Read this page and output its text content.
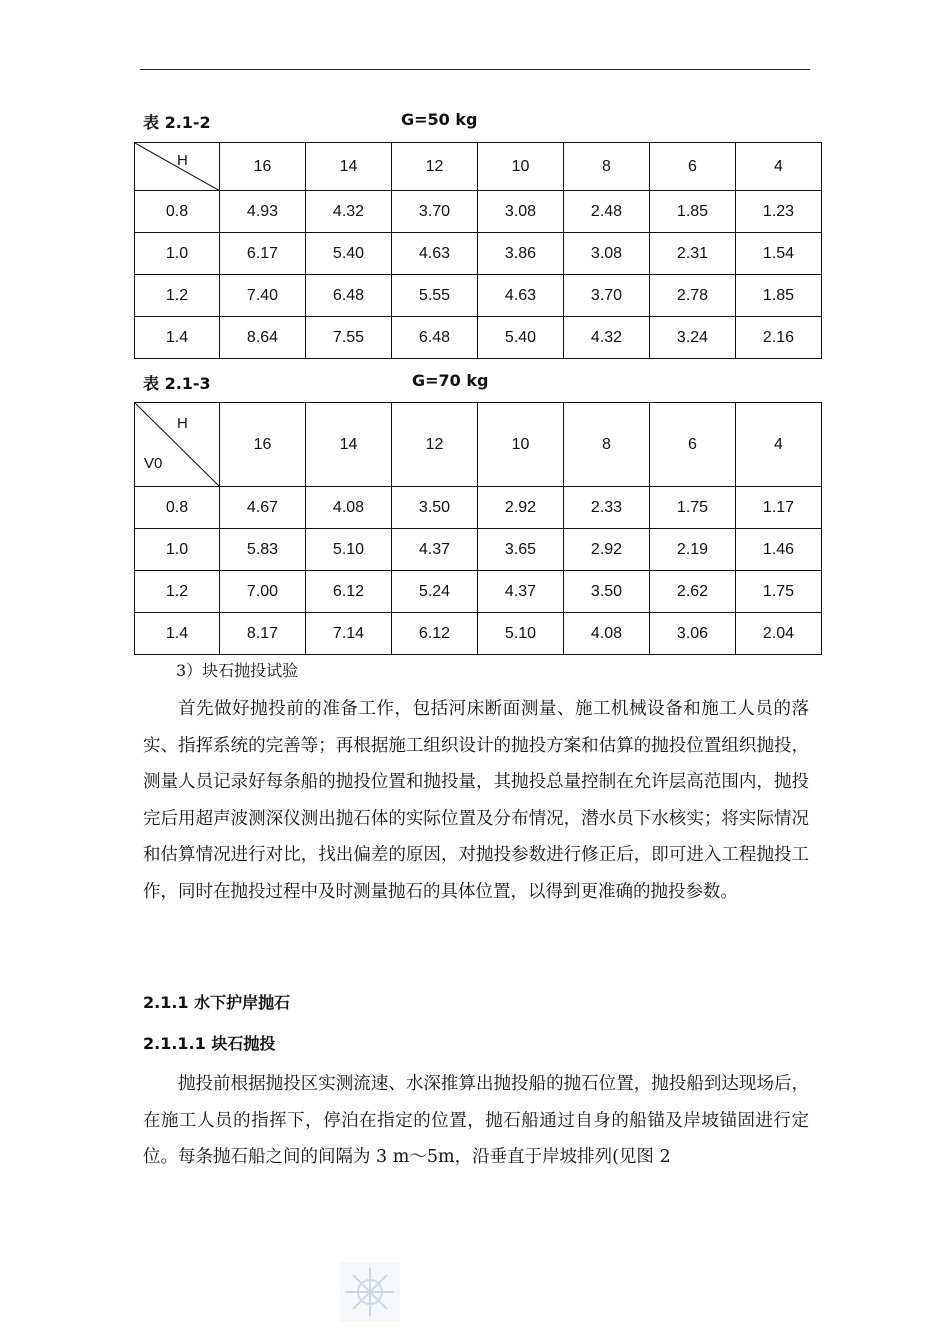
表 2.1-2	G=50 kg
H	16	14	12	10	8	6	4
0.8	4.93	4.32	3.70	3.08	2.48	1.85	1.23
1.0	6.17	5.40	4.63	3.86	3.08	2.31	1.54
1.2	7.40	6.48	5.55	4.63	3.70	2.78	1.85
1.4	8.64	7.55	6.48	5.40	4.32	3.24	2.16
表 2.1-3	G=70 kg
H
V0	16	14	12	10	8	6	4
0.8	4.67	4.08	3.50	2.92	2.33	1.75	1.17
1.0	5.83	5.10	4.37	3.65	2.92	2.19	1.46
1.2	7.00	6.12	5.24	4.37	3.50	2.62	1.75
1.4	8.17	7.14	6.12	5.10	4.08	3.06	2.04
3）块石抛投试验

首先做好抛投前的准备工作，包括河床断面测量、施工机械设备和施工人员的落实、指挥系统的完善等；再根据施工组织设计的抛投方案和估算的抛投位置组织抛投，测量人员记录好每条船的抛投位置和抛投量，其抛投总量控制在允许层高范围内，抛投完后用超声波测深仪测出抛石体的实际位置及分布情况，潜水员下水核实；将实际情况和估算情况进行对比，找出偏差的原因，对抛投参数进行修正后，即可进入工程抛投工作，同时在抛投过程中及时测量抛石的具体位置，以得到更准确的抛投参数。

2.1.1 水下护岸抛石
2.1.1.1 块石抛投

抛投前根据抛投区实测流速、水深推算出抛投船的抛石位置，抛投船到达现场后，在施工人员的指挥下，停泊在指定的位置，抛石船通过自身的船锚及岸坡锚固进行定位。每条抛石船之间的间隔为 3 m～5m，沿垂直于岸坡排列(见图 2
